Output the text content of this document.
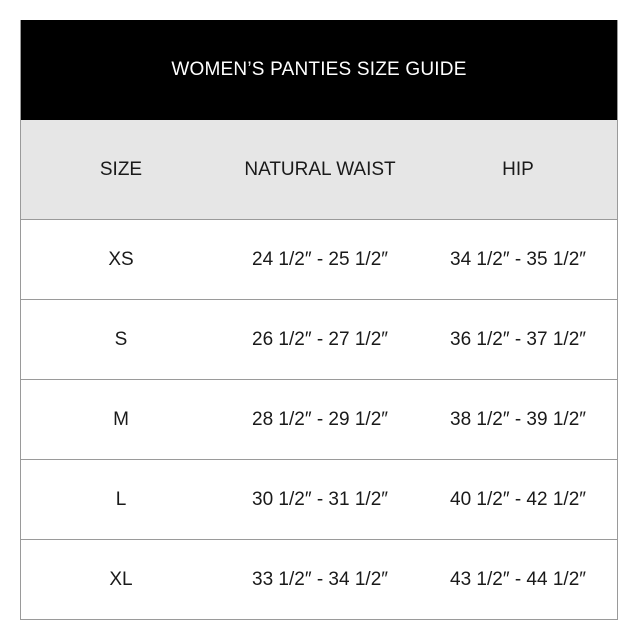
WOMEN’S PANTIES SIZE GUIDE
SIZE	NATURAL WAIST	HIP
XS	24 1/2″ - 25 1/2″	34 1/2″ - 35 1/2″
S	26 1/2″ - 27 1/2″	36 1/2″ - 37 1/2″
M	28 1/2″ - 29 1/2″	38 1/2″ - 39 1/2″
L	30 1/2″ - 31 1/2″	40 1/2″ - 42 1/2″
XL	33 1/2″ - 34 1/2″	43 1/2″ - 44 1/2″
